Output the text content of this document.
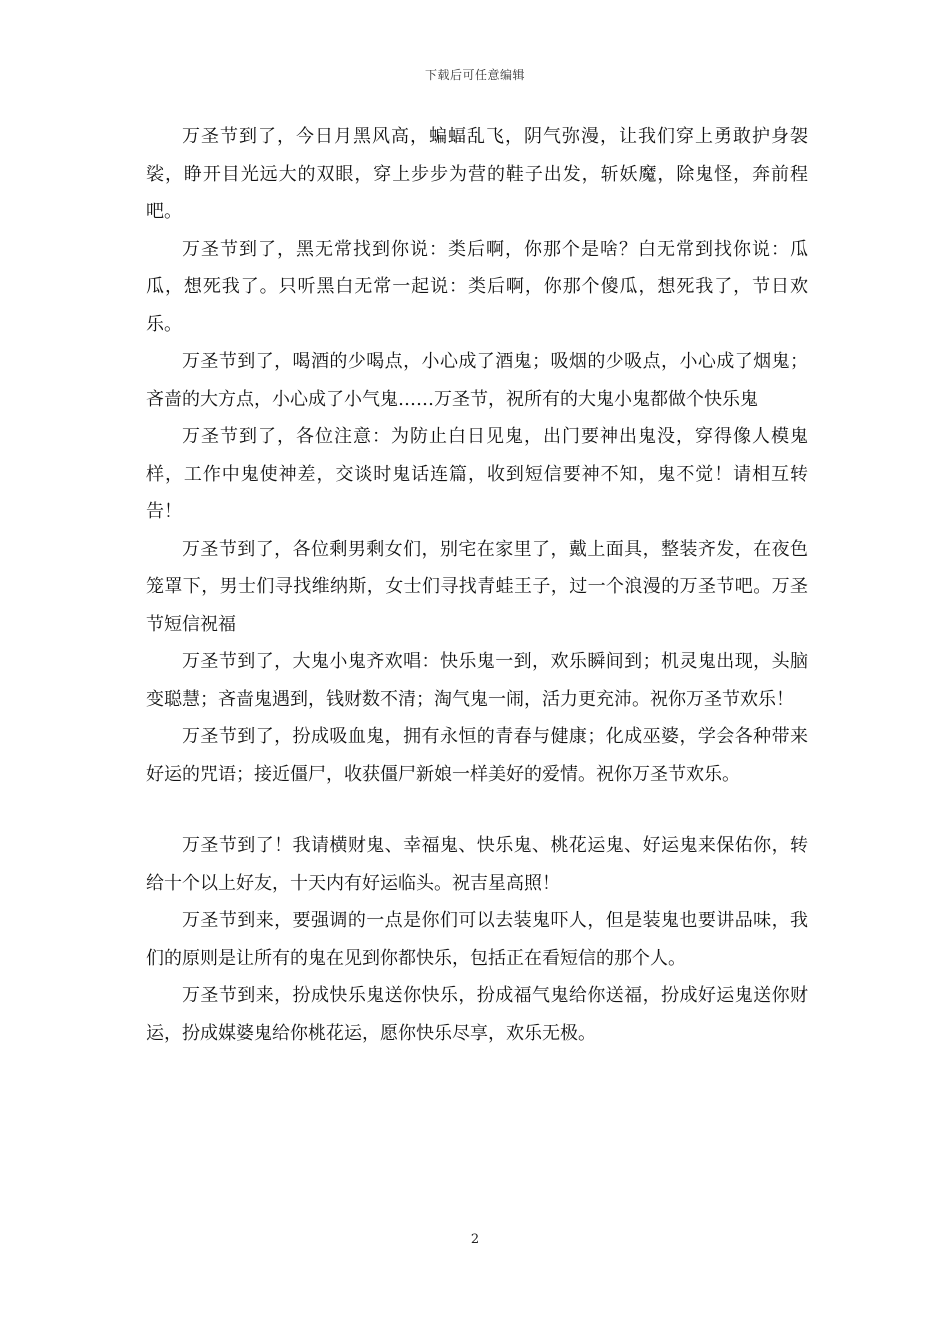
下载后可任意编辑

万圣节到了，今日月黑风高，蝙蝠乱飞，阴气弥漫，让我们穿上勇敢护身袈裟，睁开目光远大的双眼，穿上步步为营的鞋子出发，斩妖魔，除鬼怪，奔前程吧。

万圣节到了，黑无常找到你说：类后啊，你那个是啥？白无常到找你说：瓜瓜，想死我了。只听黑白无常一起说：类后啊，你那个傻瓜，想死我了，节日欢乐。

万圣节到了，喝酒的少喝点，小心成了酒鬼；吸烟的少吸点，小心成了烟鬼；吝啬的大方点，小心成了小气鬼……万圣节，祝所有的大鬼小鬼都做个快乐鬼

万圣节到了，各位注意：为防止白日见鬼，出门要神出鬼没，穿得像人模鬼样，工作中鬼使神差，交谈时鬼话连篇，收到短信要神不知，鬼不觉！请相互转告！

万圣节到了，各位剩男剩女们，别宅在家里了，戴上面具，整装齐发，在夜色笼罩下，男士们寻找维纳斯，女士们寻找青蛙王子，过一个浪漫的万圣节吧。万圣节短信祝福

万圣节到了，大鬼小鬼齐欢唱：快乐鬼一到，欢乐瞬间到；机灵鬼出现，头脑变聪慧；吝啬鬼遇到，钱财数不清；淘气鬼一闹，活力更充沛。祝你万圣节欢乐！

万圣节到了，扮成吸血鬼，拥有永恒的青春与健康；化成巫婆，学会各种带来好运的咒语；接近僵尸，收获僵尸新娘一样美好的爱情。祝你万圣节欢乐。

万圣节到了！我请横财鬼、幸福鬼、快乐鬼、桃花运鬼、好运鬼来保佑你，转给十个以上好友，十天内有好运临头。祝吉星高照！

万圣节到来，要强调的一点是你们可以去装鬼吓人，但是装鬼也要讲品味，我们的原则是让所有的鬼在见到你都快乐，包括正在看短信的那个人。

万圣节到来，扮成快乐鬼送你快乐，扮成福气鬼给你送福，扮成好运鬼送你财运，扮成媒婆鬼给你桃花运，愿你快乐尽享，欢乐无极。

2
